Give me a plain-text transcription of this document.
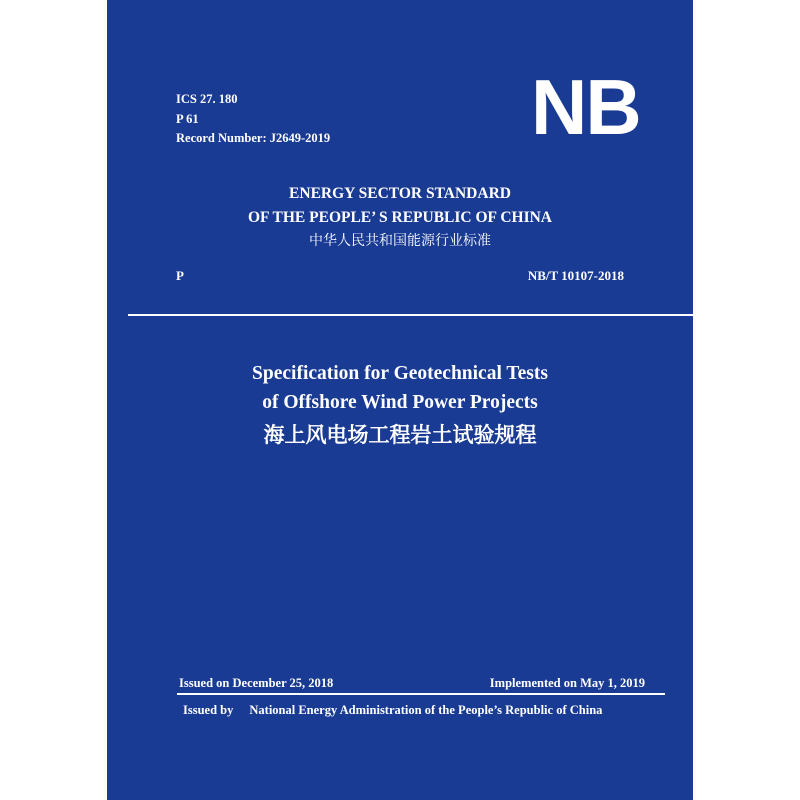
ICS 27. 180
P 61
Record Number: J2649-2019	NB
ENERGY SECTOR STANDARD
OF THE PEOPLE’ S REPUBLIC OF CHINA
中华人民共和国能源行业标准
P	NB/T 10107-2018
Specification for Geotechnical Tests
of Offshore Wind Power Projects
海上风电场工程岩土试验规程
Issued on December 25, 2018	Implemented on May 1, 2019
Issued by National Energy Administration of the People’s Republic of China
